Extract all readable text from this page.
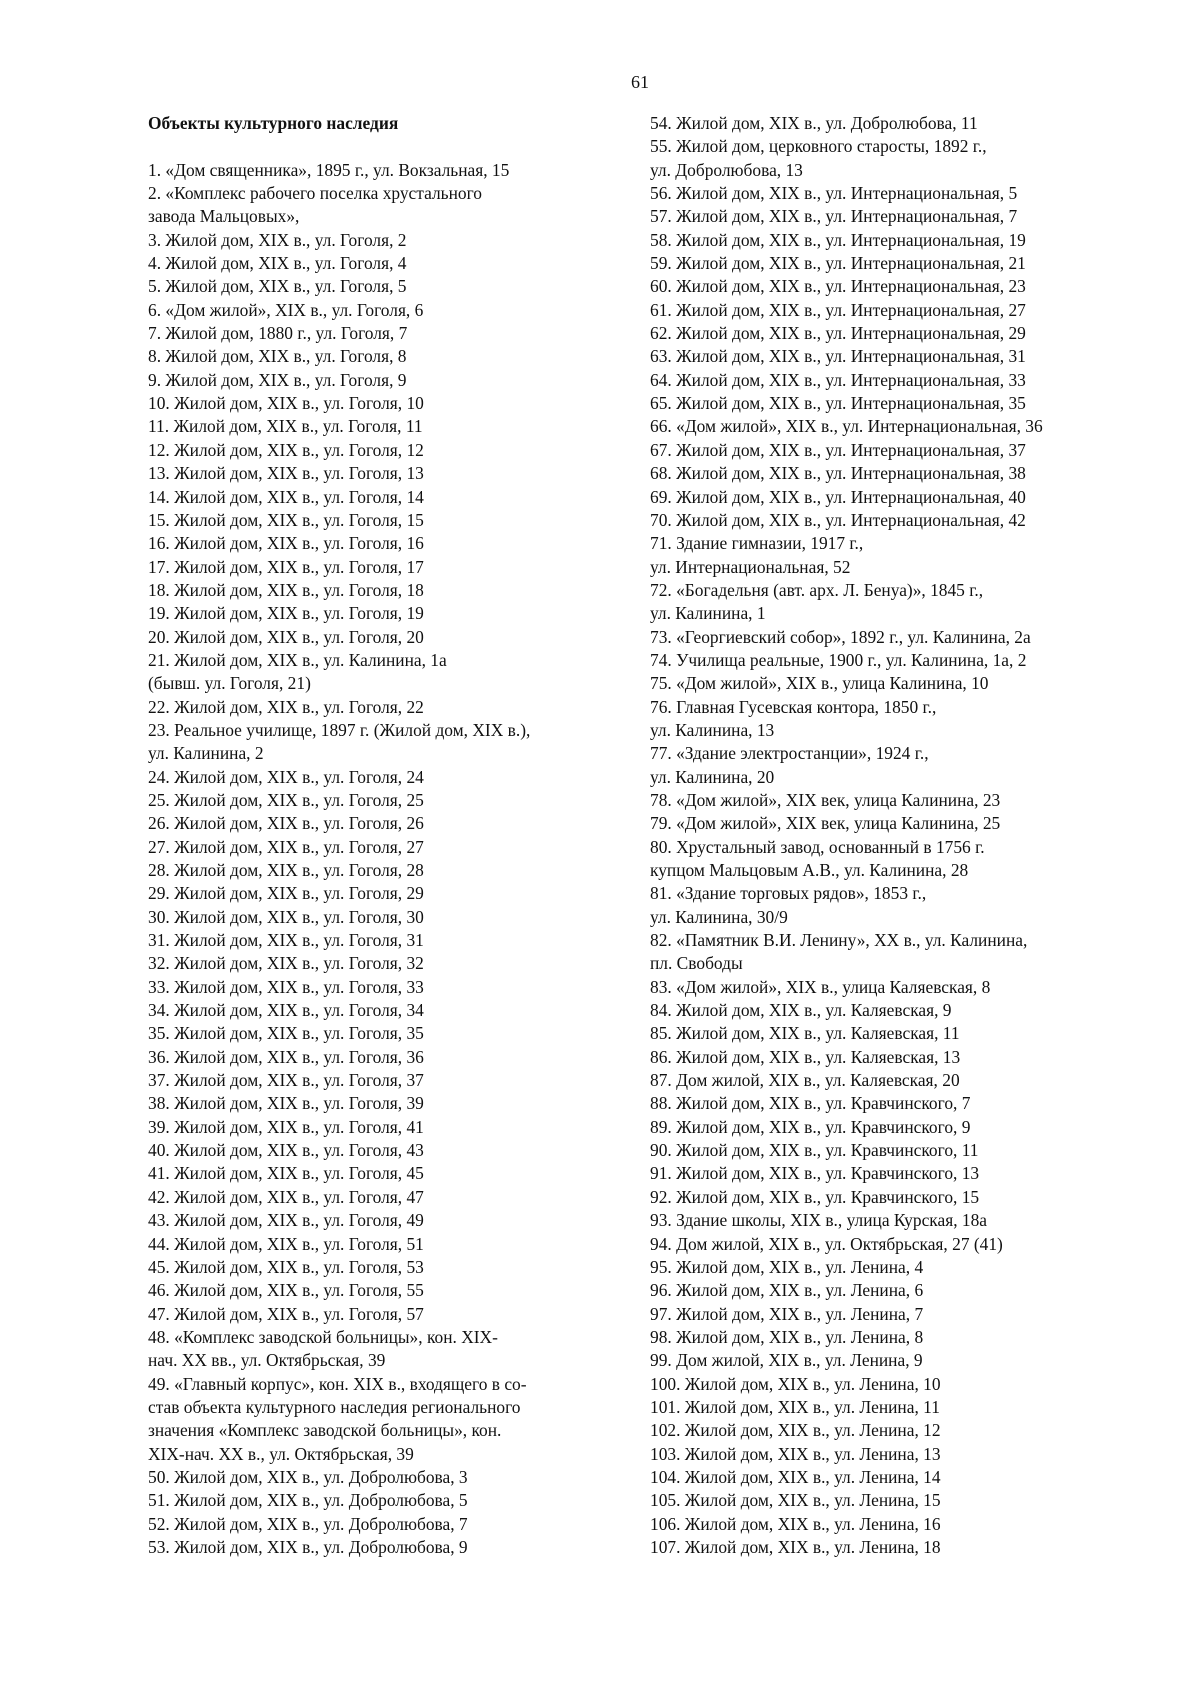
61
Объекты культурного наследия
1. «Дом священника», 1895 г., ул. Вокзальная, 15
2. «Комплекс рабочего поселка хрустального
завода Мальцовых»,
3. Жилой дом, XIX в., ул. Гоголя, 2
4. Жилой дом, XIX в., ул. Гоголя, 4
5. Жилой дом, XIX в., ул. Гоголя, 5
6. «Дом жилой», XIX в., ул. Гоголя, 6
7. Жилой дом, 1880 г., ул. Гоголя, 7
8. Жилой дом, XIX в., ул. Гоголя, 8
9. Жилой дом, XIX в., ул. Гоголя, 9
10. Жилой дом, XIX в., ул. Гоголя, 10
11. Жилой дом, XIX в., ул. Гоголя, 11
12. Жилой дом, XIX в., ул. Гоголя, 12
13. Жилой дом, XIX в., ул. Гоголя, 13
14. Жилой дом, XIX в., ул. Гоголя, 14
15. Жилой дом, XIX в., ул. Гоголя, 15
16. Жилой дом, XIX в., ул. Гоголя, 16
17. Жилой дом, XIX в., ул. Гоголя, 17
18. Жилой дом, XIX в., ул. Гоголя, 18
19. Жилой дом, XIX в., ул. Гоголя, 19
20. Жилой дом, XIX в., ул. Гоголя, 20
21. Жилой дом, XIX в., ул. Калинина, 1а
(бывш. ул. Гоголя, 21)
22. Жилой дом, XIX в., ул. Гоголя, 22
23. Реальное училище, 1897 г. (Жилой дом, XIX в.),
ул. Калинина, 2
24. Жилой дом, XIX в., ул. Гоголя, 24
25. Жилой дом, XIX в., ул. Гоголя, 25
26. Жилой дом, XIX в., ул. Гоголя, 26
27. Жилой дом, XIX в., ул. Гоголя, 27
28. Жилой дом, XIX в., ул. Гоголя, 28
29. Жилой дом, XIX в., ул. Гоголя, 29
30. Жилой дом, XIX в., ул. Гоголя, 30
31. Жилой дом, XIX в., ул. Гоголя, 31
32. Жилой дом, XIX в., ул. Гоголя, 32
33. Жилой дом, XIX в., ул. Гоголя, 33
34. Жилой дом, XIX в., ул. Гоголя, 34
35. Жилой дом, XIX в., ул. Гоголя, 35
36. Жилой дом, XIX в., ул. Гоголя, 36
37. Жилой дом, XIX в., ул. Гоголя, 37
38. Жилой дом, XIX в., ул. Гоголя, 39
39. Жилой дом, XIX в., ул. Гоголя, 41
40. Жилой дом, XIX в., ул. Гоголя, 43
41. Жилой дом, XIX в., ул. Гоголя, 45
42. Жилой дом, XIX в., ул. Гоголя, 47
43. Жилой дом, XIX в., ул. Гоголя, 49
44. Жилой дом, XIX в., ул. Гоголя, 51
45. Жилой дом, XIX в., ул. Гоголя, 53
46. Жилой дом, XIX в., ул. Гоголя, 55
47. Жилой дом, XIX в., ул. Гоголя, 57
48. «Комплекс заводской больницы», кон. XIX-
нач. XX вв., ул. Октябрьская, 39
49. «Главный корпус», кон. XIX в., входящего в со-
став объекта культурного наследия регионального
значения «Комплекс заводской больницы», кон.
XIX-нач. XX в., ул. Октябрьская, 39
50. Жилой дом, XIX в., ул. Добролюбова, 3
51. Жилой дом, XIX в., ул. Добролюбова, 5
52. Жилой дом, XIX в., ул. Добролюбова, 7
53. Жилой дом, XIX в., ул. Добролюбова, 9
54. Жилой дом, XIX в., ул. Добролюбова, 11
55. Жилой дом, церковного старосты, 1892 г.,
ул. Добролюбова, 13
56. Жилой дом, XIX в., ул. Интернациональная, 5
57. Жилой дом, XIX в., ул. Интернациональная, 7
58. Жилой дом, XIX в., ул. Интернациональная, 19
59. Жилой дом, XIX в., ул. Интернациональная, 21
60. Жилой дом, XIX в., ул. Интернациональная, 23
61. Жилой дом, XIX в., ул. Интернациональная, 27
62. Жилой дом, XIX в., ул. Интернациональная, 29
63. Жилой дом, XIX в., ул. Интернациональная, 31
64. Жилой дом, XIX в., ул. Интернациональная, 33
65. Жилой дом, XIX в., ул. Интернациональная, 35
66. «Дом жилой», XIX в., ул. Интернациональная, 36
67. Жилой дом, XIX в., ул. Интернациональная, 37
68. Жилой дом, XIX в., ул. Интернациональная, 38
69. Жилой дом, XIX в., ул. Интернациональная, 40
70. Жилой дом, XIX в., ул. Интернациональная, 42
71. Здание гимназии, 1917 г.,
ул. Интернациональная, 52
72. «Богадельня (авт. арх. Л. Бенуа)», 1845 г.,
ул. Калинина, 1
73. «Георгиевский собор», 1892 г., ул. Калинина, 2а
74. Училища реальные, 1900 г., ул. Калинина, 1а, 2
75. «Дом жилой», XIX в., улица Калинина, 10
76. Главная Гусевская контора, 1850 г.,
ул. Калинина, 13
77. «Здание электростанции», 1924 г.,
ул. Калинина, 20
78. «Дом жилой», XIX век, улица Калинина, 23
79. «Дом жилой», XIX век, улица Калинина, 25
80. Хрустальный завод, основанный в 1756 г.
купцом Мальцовым А.В., ул. Калинина, 28
81. «Здание торговых рядов», 1853 г.,
ул. Калинина, 30/9
82. «Памятник В.И. Ленину», XX в., ул. Калинина,
пл. Свободы
83. «Дом жилой», XIX в., улица Каляевская, 8
84. Жилой дом, XIX в., ул. Каляевская, 9
85. Жилой дом, XIX в., ул. Каляевская, 11
86. Жилой дом, XIX в., ул. Каляевская, 13
87. Дом жилой, XIX в., ул. Каляевская, 20
88. Жилой дом, XIX в., ул. Кравчинского, 7
89. Жилой дом, XIX в., ул. Кравчинского, 9
90. Жилой дом, XIX в., ул. Кравчинского, 11
91. Жилой дом, XIX в., ул. Кравчинского, 13
92. Жилой дом, XIX в., ул. Кравчинского, 15
93. Здание школы, XIX в., улица Курская, 18а
94. Дом жилой, XIX в., ул. Октябрьская, 27 (41)
95. Жилой дом, XIX в., ул. Ленина, 4
96. Жилой дом, XIX в., ул. Ленина, 6
97. Жилой дом, XIX в., ул. Ленина, 7
98. Жилой дом, XIX в., ул. Ленина, 8
99. Дом жилой, XIX в., ул. Ленина, 9
100. Жилой дом, XIX в., ул. Ленина, 10
101. Жилой дом, XIX в., ул. Ленина, 11
102. Жилой дом, XIX в., ул. Ленина, 12
103. Жилой дом, XIX в., ул. Ленина, 13
104. Жилой дом, XIX в., ул. Ленина, 14
105. Жилой дом, XIX в., ул. Ленина, 15
106. Жилой дом, XIX в., ул. Ленина, 16
107. Жилой дом, XIX в., ул. Ленина, 18
